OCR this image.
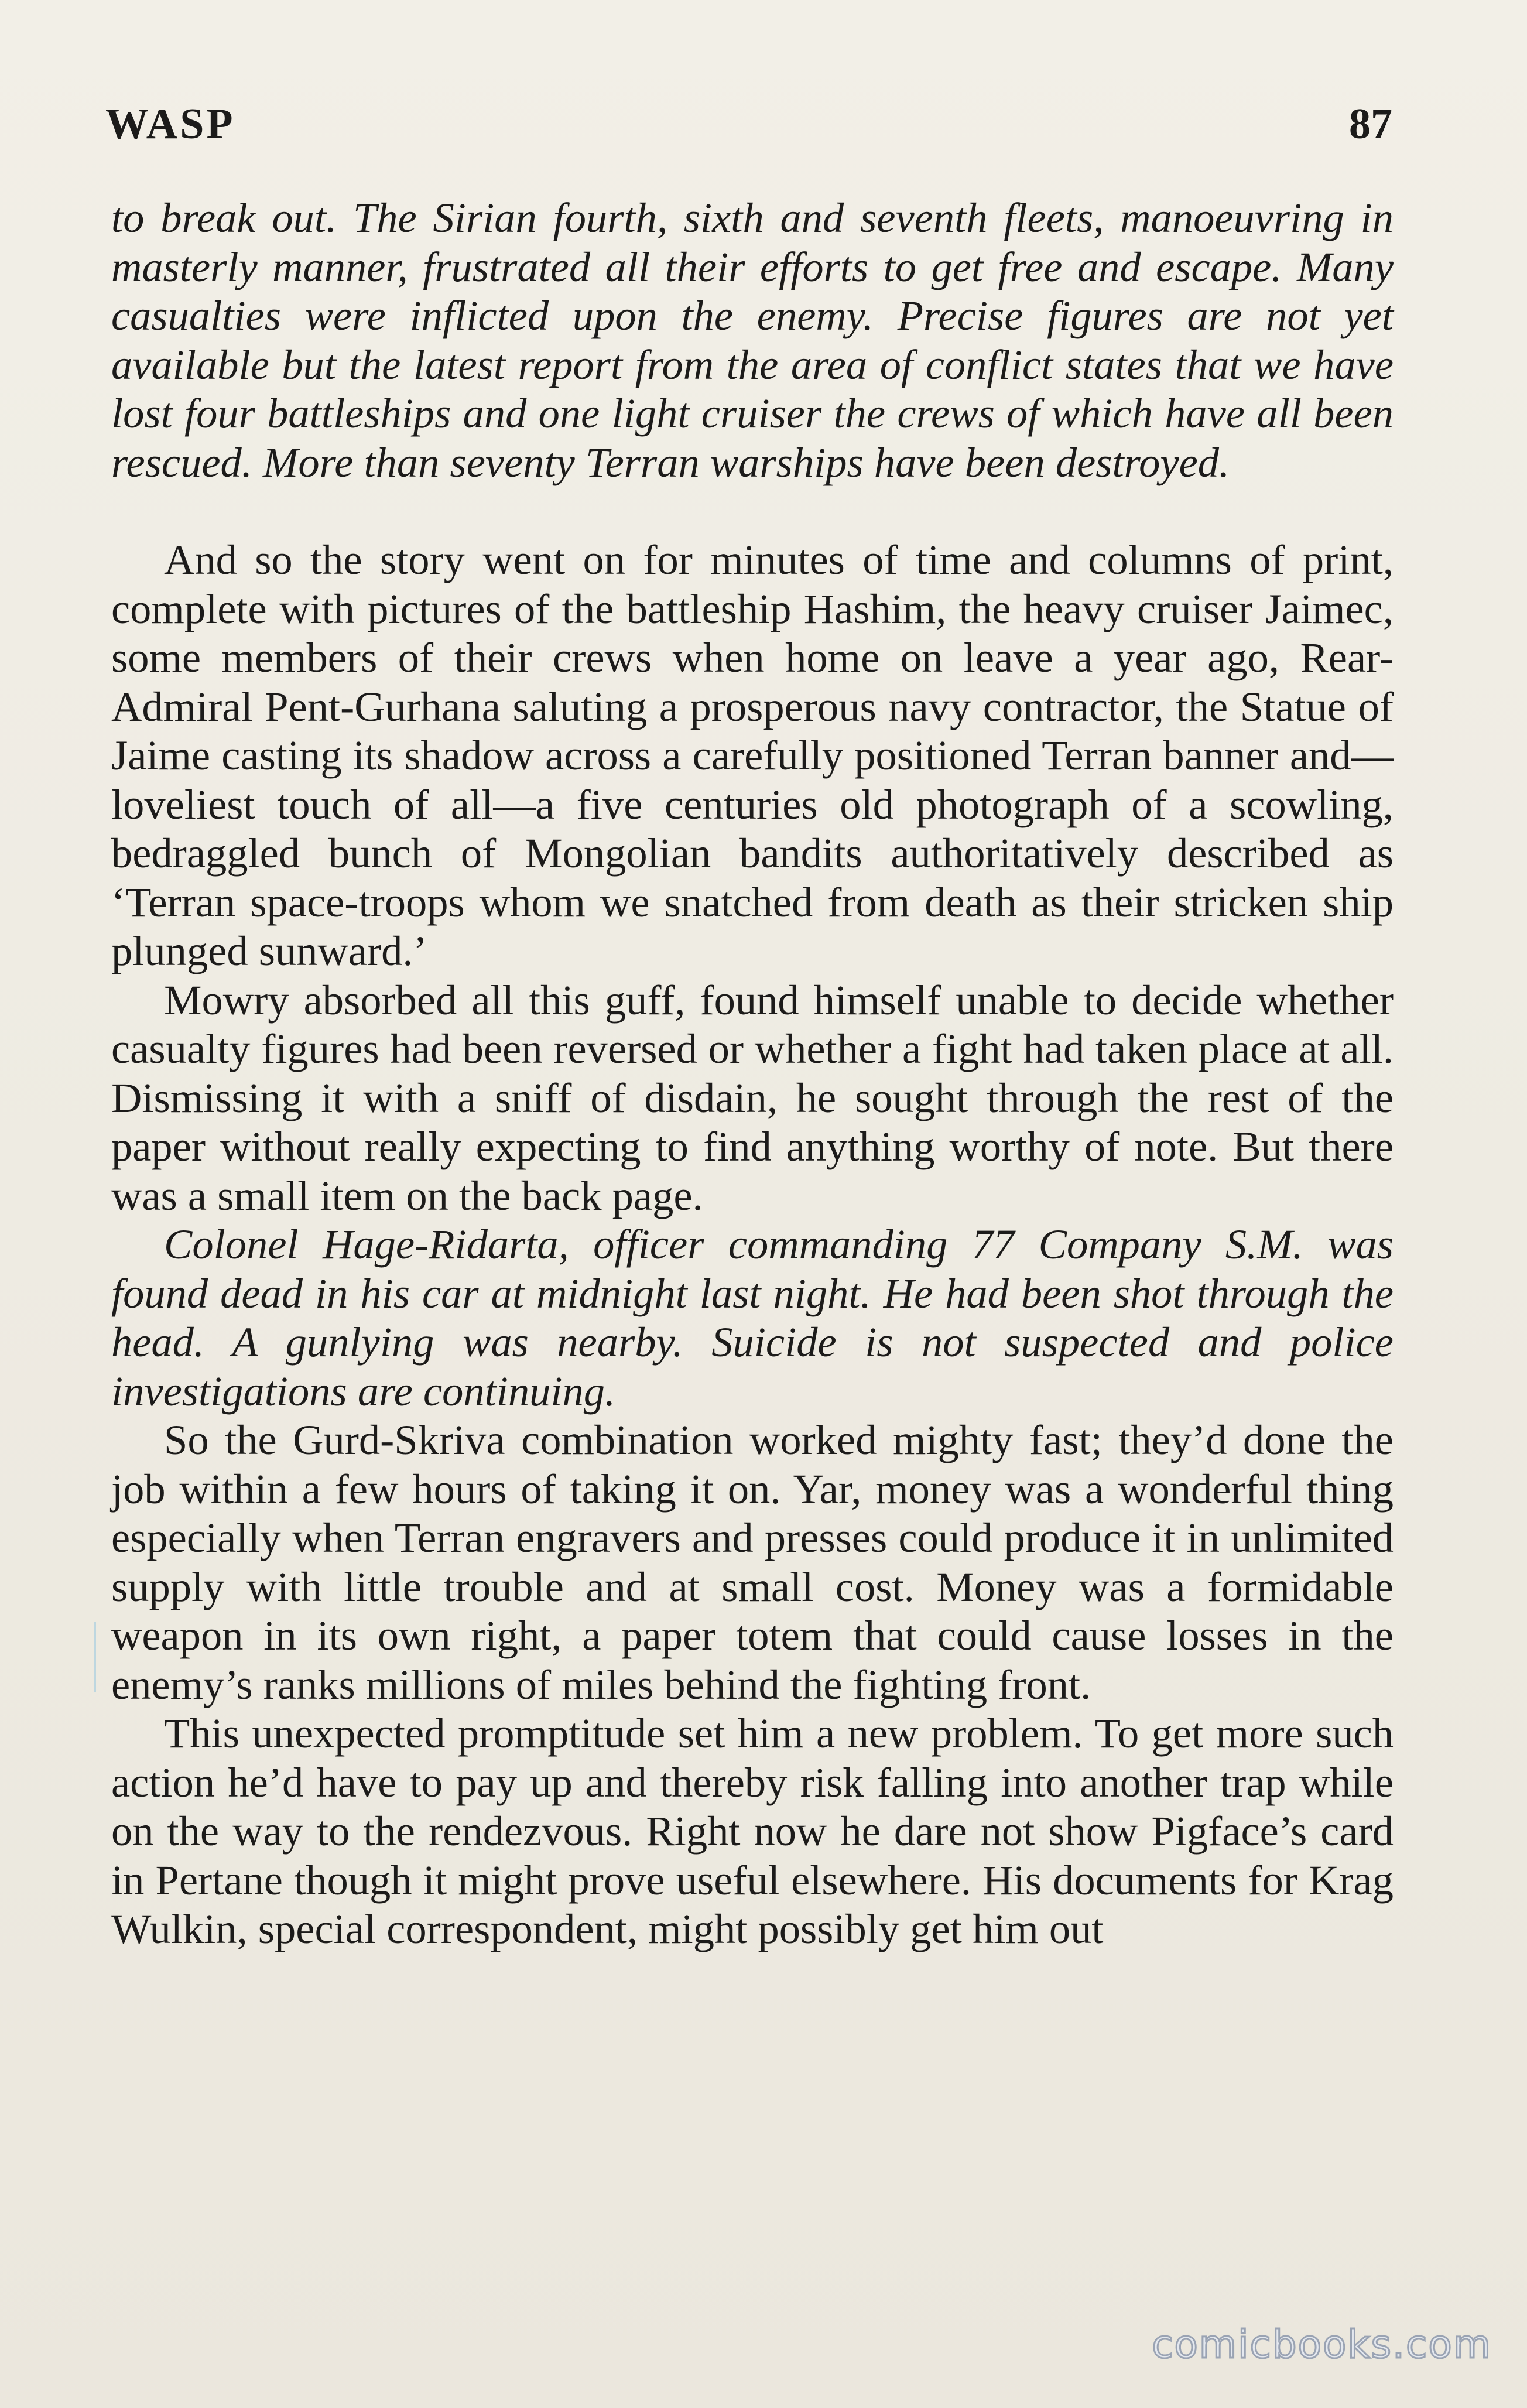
WASP	87

to break out. The Sirian fourth, sixth and seventh fleets, manoeuvring in masterly manner, frustrated all their efforts to get free and escape. Many casualties were inflicted upon the enemy. Precise figures are not yet available but the latest report from the area of conflict states that we have lost four battleships and one light cruiser the crews of which have all been rescued. More than seventy Terran warships have been destroyed.

And so the story went on for minutes of time and columns of print, complete with pictures of the battleship Hashim, the heavy cruiser Jaimec, some members of their crews when home on leave a year ago, Rear-Admiral Pent-Gurhana saluting a prosperous navy contractor, the Statue of Jaime casting its shadow across a carefully positioned Terran banner and—loveliest touch of all—a five centuries old photograph of a scowling, bedraggled bunch of Mongolian bandits authoritatively described as ‘Terran space-troops whom we snatched from death as their stricken ship plunged sunward.’

Mowry absorbed all this guff, found himself unable to decide whether casualty figures had been reversed or whether a fight had taken place at all. Dismissing it with a sniff of disdain, he sought through the rest of the paper without really expecting to find anything worthy of note. But there was a small item on the back page.

Colonel Hage-Ridarta, officer commanding 77 Company S.M. was found dead in his car at midnight last night. He had been shot through the head. A gunlying was nearby. Suicide is not suspected and police investigations are continuing.

So the Gurd-Skriva combination worked mighty fast; they’d done the job within a few hours of taking it on. Yar, money was a wonderful thing especially when Terran engravers and presses could produce it in unlimited supply with little trouble and at small cost. Money was a formidable weapon in its own right, a paper totem that could cause losses in the enemy’s ranks millions of miles behind the fighting front.

This unexpected promptitude set him a new problem. To get more such action he’d have to pay up and thereby risk falling into another trap while on the way to the rendezvous. Right now he dare not show Pigface’s card in Pertane though it might prove useful elsewhere. His documents for Krag Wulkin, special correspondent, might possibly get him out

comicbooks.com
